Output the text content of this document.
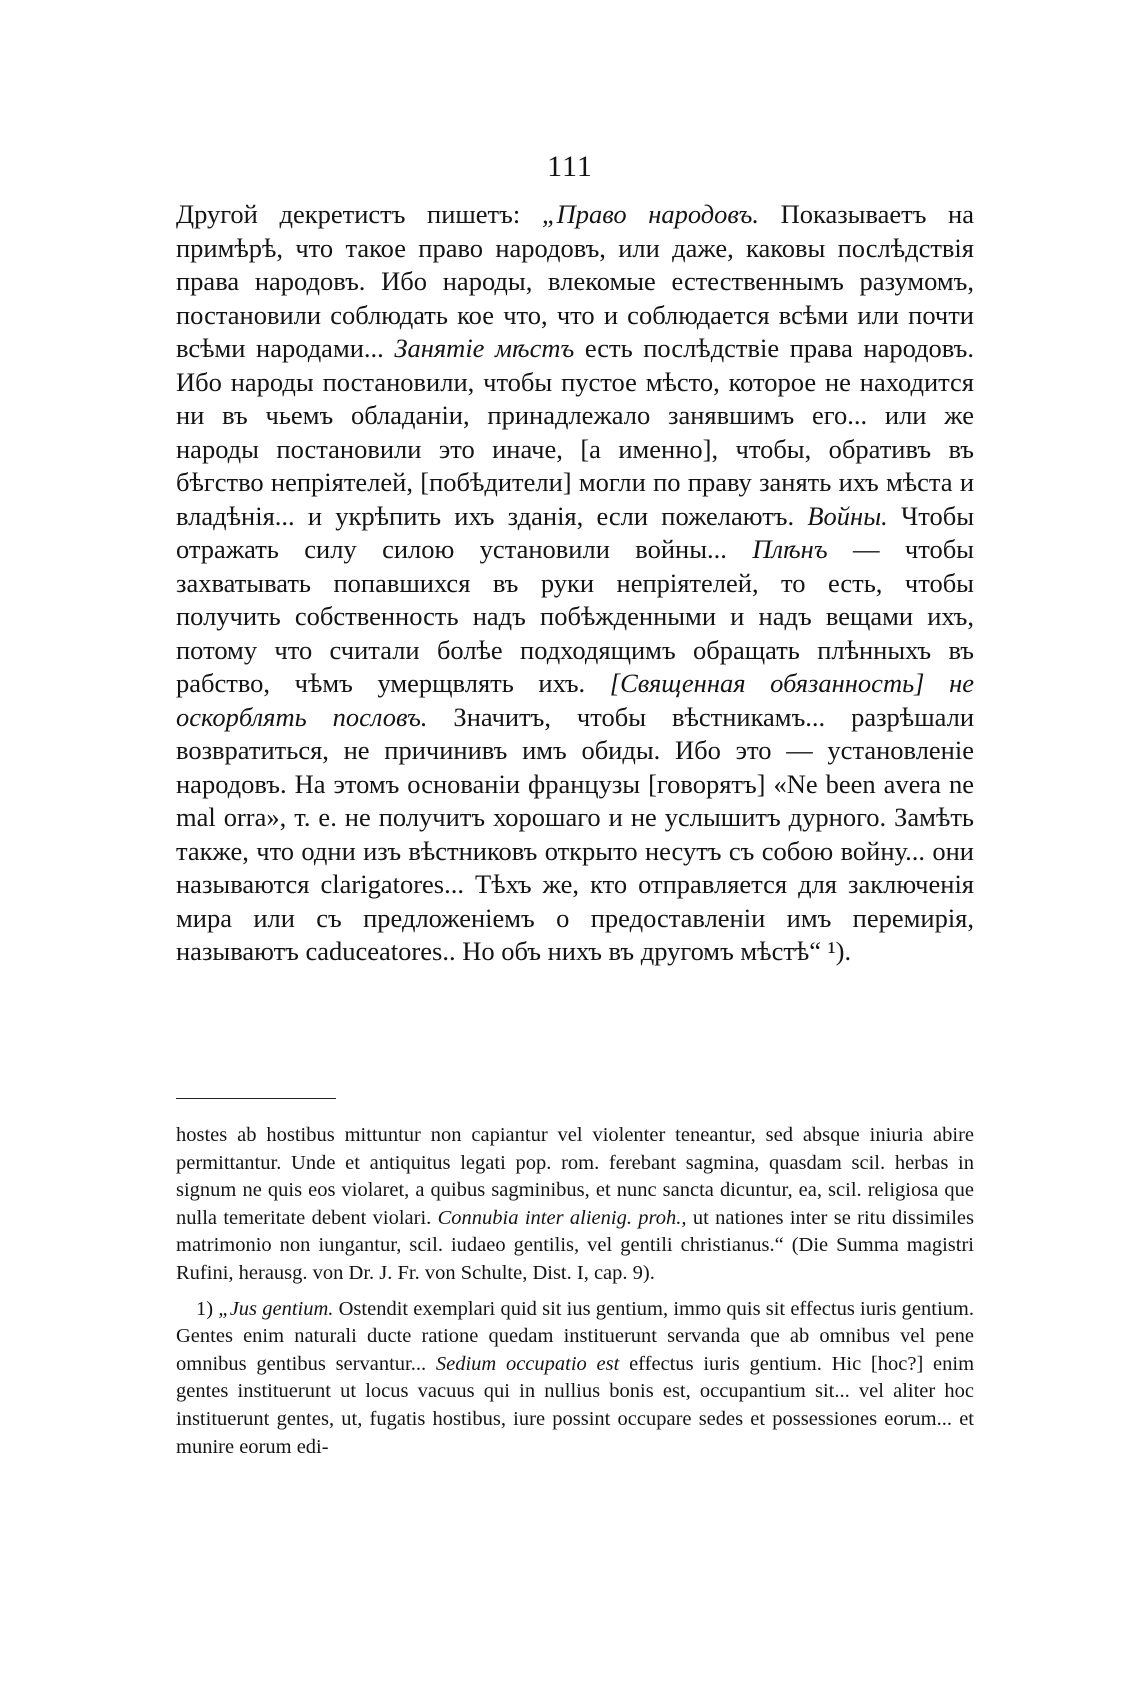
111

Другой декретистъ пишетъ: „Право народовъ. Показываетъ на примѣрѣ, что такое право народовъ, или даже, каковы послѣдствія права народовъ. Ибо народы, влекомые естественнымъ разумомъ, постановили соблюдать кое что, что и соблюдается всѣми или почти всѣми народами... Занятіе мѣстъ есть послѣдствіе права народовъ. Ибо народы постановили, чтобы пустое мѣсто, которое не находится ни въ чьемъ обладаніи, принадлежало занявшимъ его... или же народы постановили это иначе, [а именно], чтобы, обративъ въ бѣгство непріятелей, [побѣдители] могли по праву занять ихъ мѣста и владѣнія... и укрѣпить ихъ зданія, если пожелаютъ. Войны. Чтобы отражать силу силою установили войны... Плѣнъ — чтобы захватывать попавшихся въ руки непріятелей, то есть, чтобы получить собственность надъ побѣжденными и надъ вещами ихъ, потому что считали болѣе подходящимъ обращать плѣнныхъ въ рабство, чѣмъ умерщвлять ихъ. [Священная обязанность] не оскорблять пословъ. Значитъ, чтобы вѣстникамъ... разрѣшали возвратиться, не причинивъ имъ обиды. Ибо это — установленіе народовъ. На этомъ основаніи французы [говорятъ] «Ne been avera ne mal orra», т. е. не получитъ хорошаго и не услышитъ дурного. Замѣть также, что одни изъ вѣстниковъ открыто несутъ съ собою войну... они называются clarigatores... Тѣхъ же, кто отправляется для заключенія мира или съ предложеніемъ о предоставленіи имъ перемирія, называютъ caduceatores.. Но объ нихъ въ другомъ мѣстѣ“ ¹).

hostes ab hostibus mittuntur non capiantur vel violenter teneantur, sed absque iniuria abire permittantur. Unde et antiquitus legati pop. rom. ferebant sagmina, quasdam scil. herbas in signum ne quis eos violaret, a quibus sagminibus, et nunc sancta dicuntur, ea, scil. religiosa que nulla temeritate debent violari. Connubia inter alienig. proh., ut nationes inter se ritu dissimiles matrimonio non iungantur, scil. iudaeo gentilis, vel gentili christianus.“ (Die Summa magistri Rufini, herausg. von Dr. J. Fr. von Schulte, Dist. I, cap. 9).

1) „Jus gentium. Ostendit exemplari quid sit ius gentium, immo quis sit effectus iuris gentium. Gentes enim naturali ducte ratione quedam instituerunt servanda que ab omnibus vel pene omnibus gentibus servantur... Sedium occupatio est effectus iuris gentium. Hic [hoc?] enim gentes instituerunt ut locus vacuus qui in nullius bonis est, occupantium sit... vel aliter hoc instituerunt gentes, ut, fugatis hostibus, iure possint occupare sedes et possessiones eorum... et munire eorum edi-
